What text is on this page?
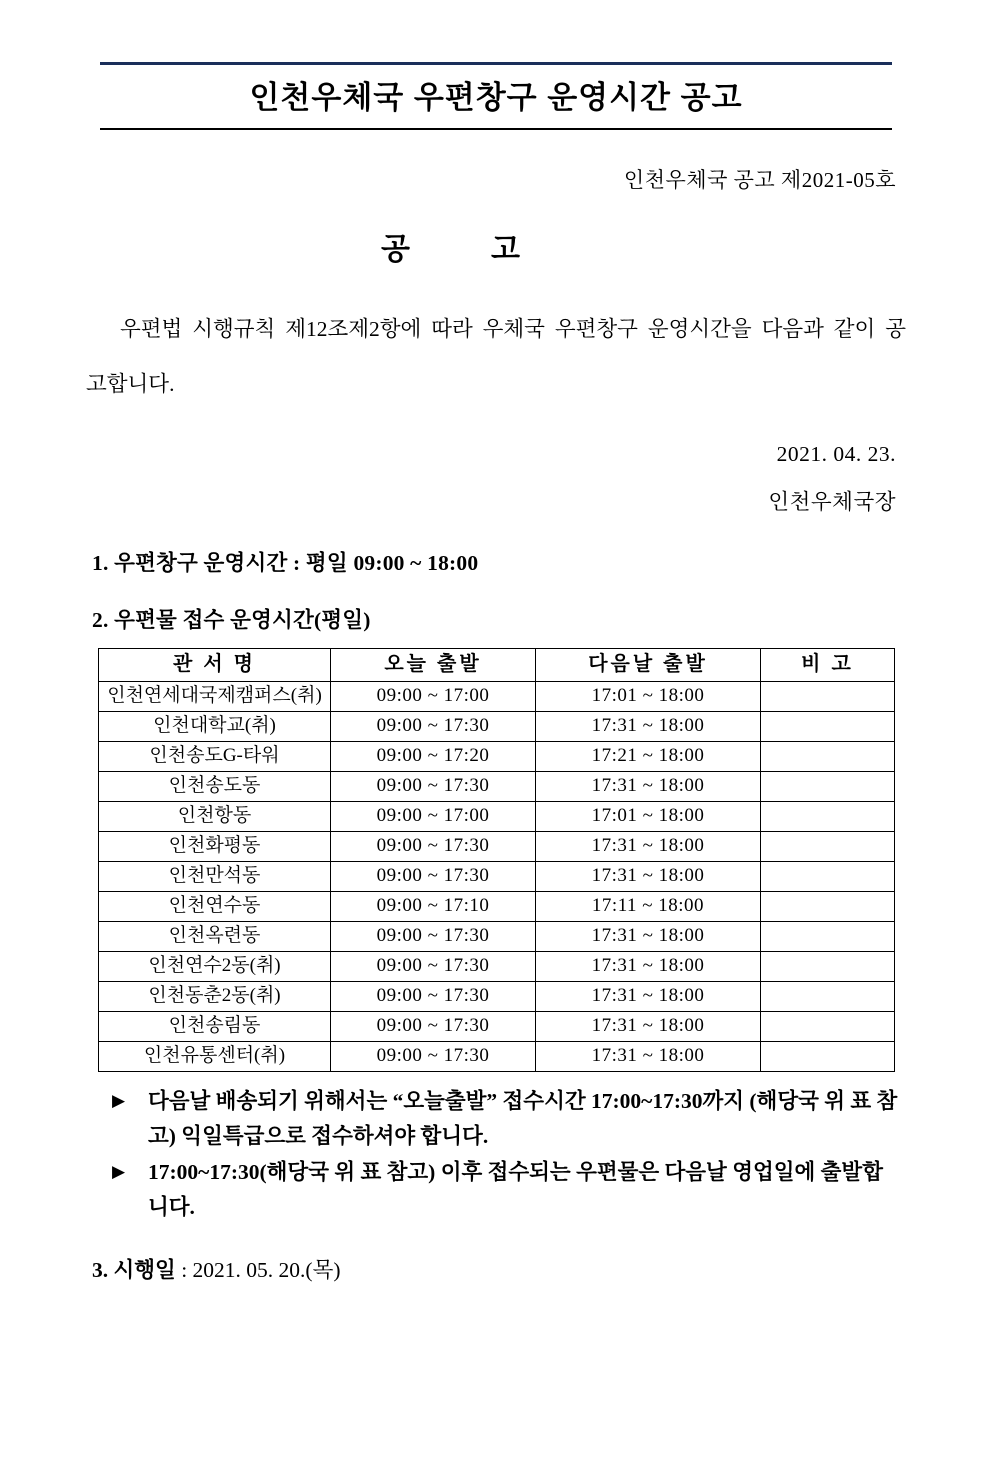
인천우체국 우편창구 운영시간 공고
인천우체국 공고 제2021-05호
공	고
우편법 시행규칙 제12조제2항에 따라 우체국 우편창구 운영시간을 다음과 같이 공고합니다.
2021. 04. 23.
인천우체국장
1. 우편창구 운영시간 : 평일 09:00 ~ 18:00
2. 우편물 접수 운영시간(평일)
관 서 명	오늘 출발	다음날 출발	비 고
인천연세대국제캠퍼스(취)	09:00 ~ 17:00	17:01 ~ 18:00	
인천대학교(취)	09:00 ~ 17:30	17:31 ~ 18:00	
인천송도G-타워	09:00 ~ 17:20	17:21 ~ 18:00	
인천송도동	09:00 ~ 17:30	17:31 ~ 18:00	
인천항동	09:00 ~ 17:00	17:01 ~ 18:00	
인천화평동	09:00 ~ 17:30	17:31 ~ 18:00	
인천만석동	09:00 ~ 17:30	17:31 ~ 18:00	
인천연수동	09:00 ~ 17:10	17:11 ~ 18:00	
인천옥련동	09:00 ~ 17:30	17:31 ~ 18:00	
인천연수2동(취)	09:00 ~ 17:30	17:31 ~ 18:00	
인천동춘2동(취)	09:00 ~ 17:30	17:31 ~ 18:00	
인천송림동	09:00 ~ 17:30	17:31 ~ 18:00	
인천유통센터(취)	09:00 ~ 17:30	17:31 ~ 18:00	
▶	다음날 배송되기 위해서는 “오늘출발” 접수시간 17:00~17:30까지 (해당국 위 표 참고) 익일특급으로 접수하셔야 합니다.
▶	17:00~17:30(해당국 위 표 참고) 이후 접수되는 우편물은 다음날 영업일에 출발합니다.
3. 시행일 : 2021. 05. 20.(목)
